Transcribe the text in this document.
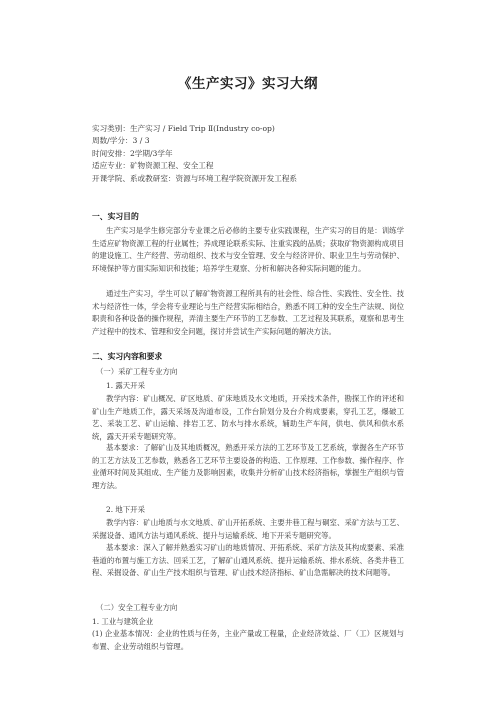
《生产实习》实习大纲
实习类别：生产实习 / Field Trip Ⅱ(Industry co-op)
周数/学分：3 / 3
时间安排：2学期/3学年
适应专业：矿物资源工程、安全工程
开课学院、系或教研室：资源与环境工程学院资源开发工程系
一、实习目的
生产实习是学生修完部分专业课之后必修的主要专业实践课程，生产实习的目的是：训练学生适应矿物资源工程的行业属性；养成理论联系实际、注重实践的品质；获取矿物资源构成项目的建设施工、生产经营、劳动组织、技术与安全管理、安全与经济评价、职业卫生与劳动保护、环境保护等方面实际知识和技能；培养学生观察、分析和解决各种实际问题的能力。
通过生产实习，学生可以了解矿物资源工程所具有的社会性、综合性、实践性、安全性、技术与经济性一体，学会将专业理论与生产经营实际相结合，熟悉不同工种的安全生产法规、岗位职责和各种设备的操作规程，弄清主要生产环节的工艺参数、工艺过程及其联系，观察和思考生产过程中的技术、管理和安全问题，探讨并尝试生产实际问题的解决方法。
二、实习内容和要求
（一）采矿工程专业方向
1. 露天开采
教学内容：矿山概况、矿区地质、矿床地质及水文地质，开采技术条件，勘探工作的评述和矿山生产地质工作，露天采场及沟道布设，工作台阶划分及台介构成要素，穿孔工艺，爆破工艺、采装工艺、矿山运输、排岩工艺、防水与排水系统，辅助生产车间，供电、供风和供水系统，露天开采专题研究等。
基本要求：了解矿山及其地质概况，熟悉开采方法的工艺环节及工艺系统，掌握各生产环节的工艺方法及工艺参数，熟悉各工艺环节主要设备的构造、工作原理、工作参数、操作程序、作业循环时间及其组成、生产能力及影响因素，收集并分析矿山技术经济指标，掌握生产组织与管理方法。
2. 地下开采
教学内容：矿山地质与水文地质、矿山开拓系统、主要井巷工程与硐室、采矿方法与工艺、采掘设备、通风方法与通风系统、提升与运输系统、地下开采专题研究等。
基本要求：深入了解并熟悉实习矿山的地质情况、开拓系统、采矿方法及其构成要素、采准巷道的布置与施工方法、回采工艺，了解矿山通风系统、提升运输系统、排水系统、各类井巷工程、采掘设备、矿山生产技术组织与管理、矿山技术经济指标、矿山急需解决的技术问题等。
（二）安全工程专业方向
1. 工业与建筑企业
(1) 企业基本情况：企业的性质与任务，主业产量或工程量，企业经济效益、厂（工）区规划与布置、企业劳动组织与管理。
